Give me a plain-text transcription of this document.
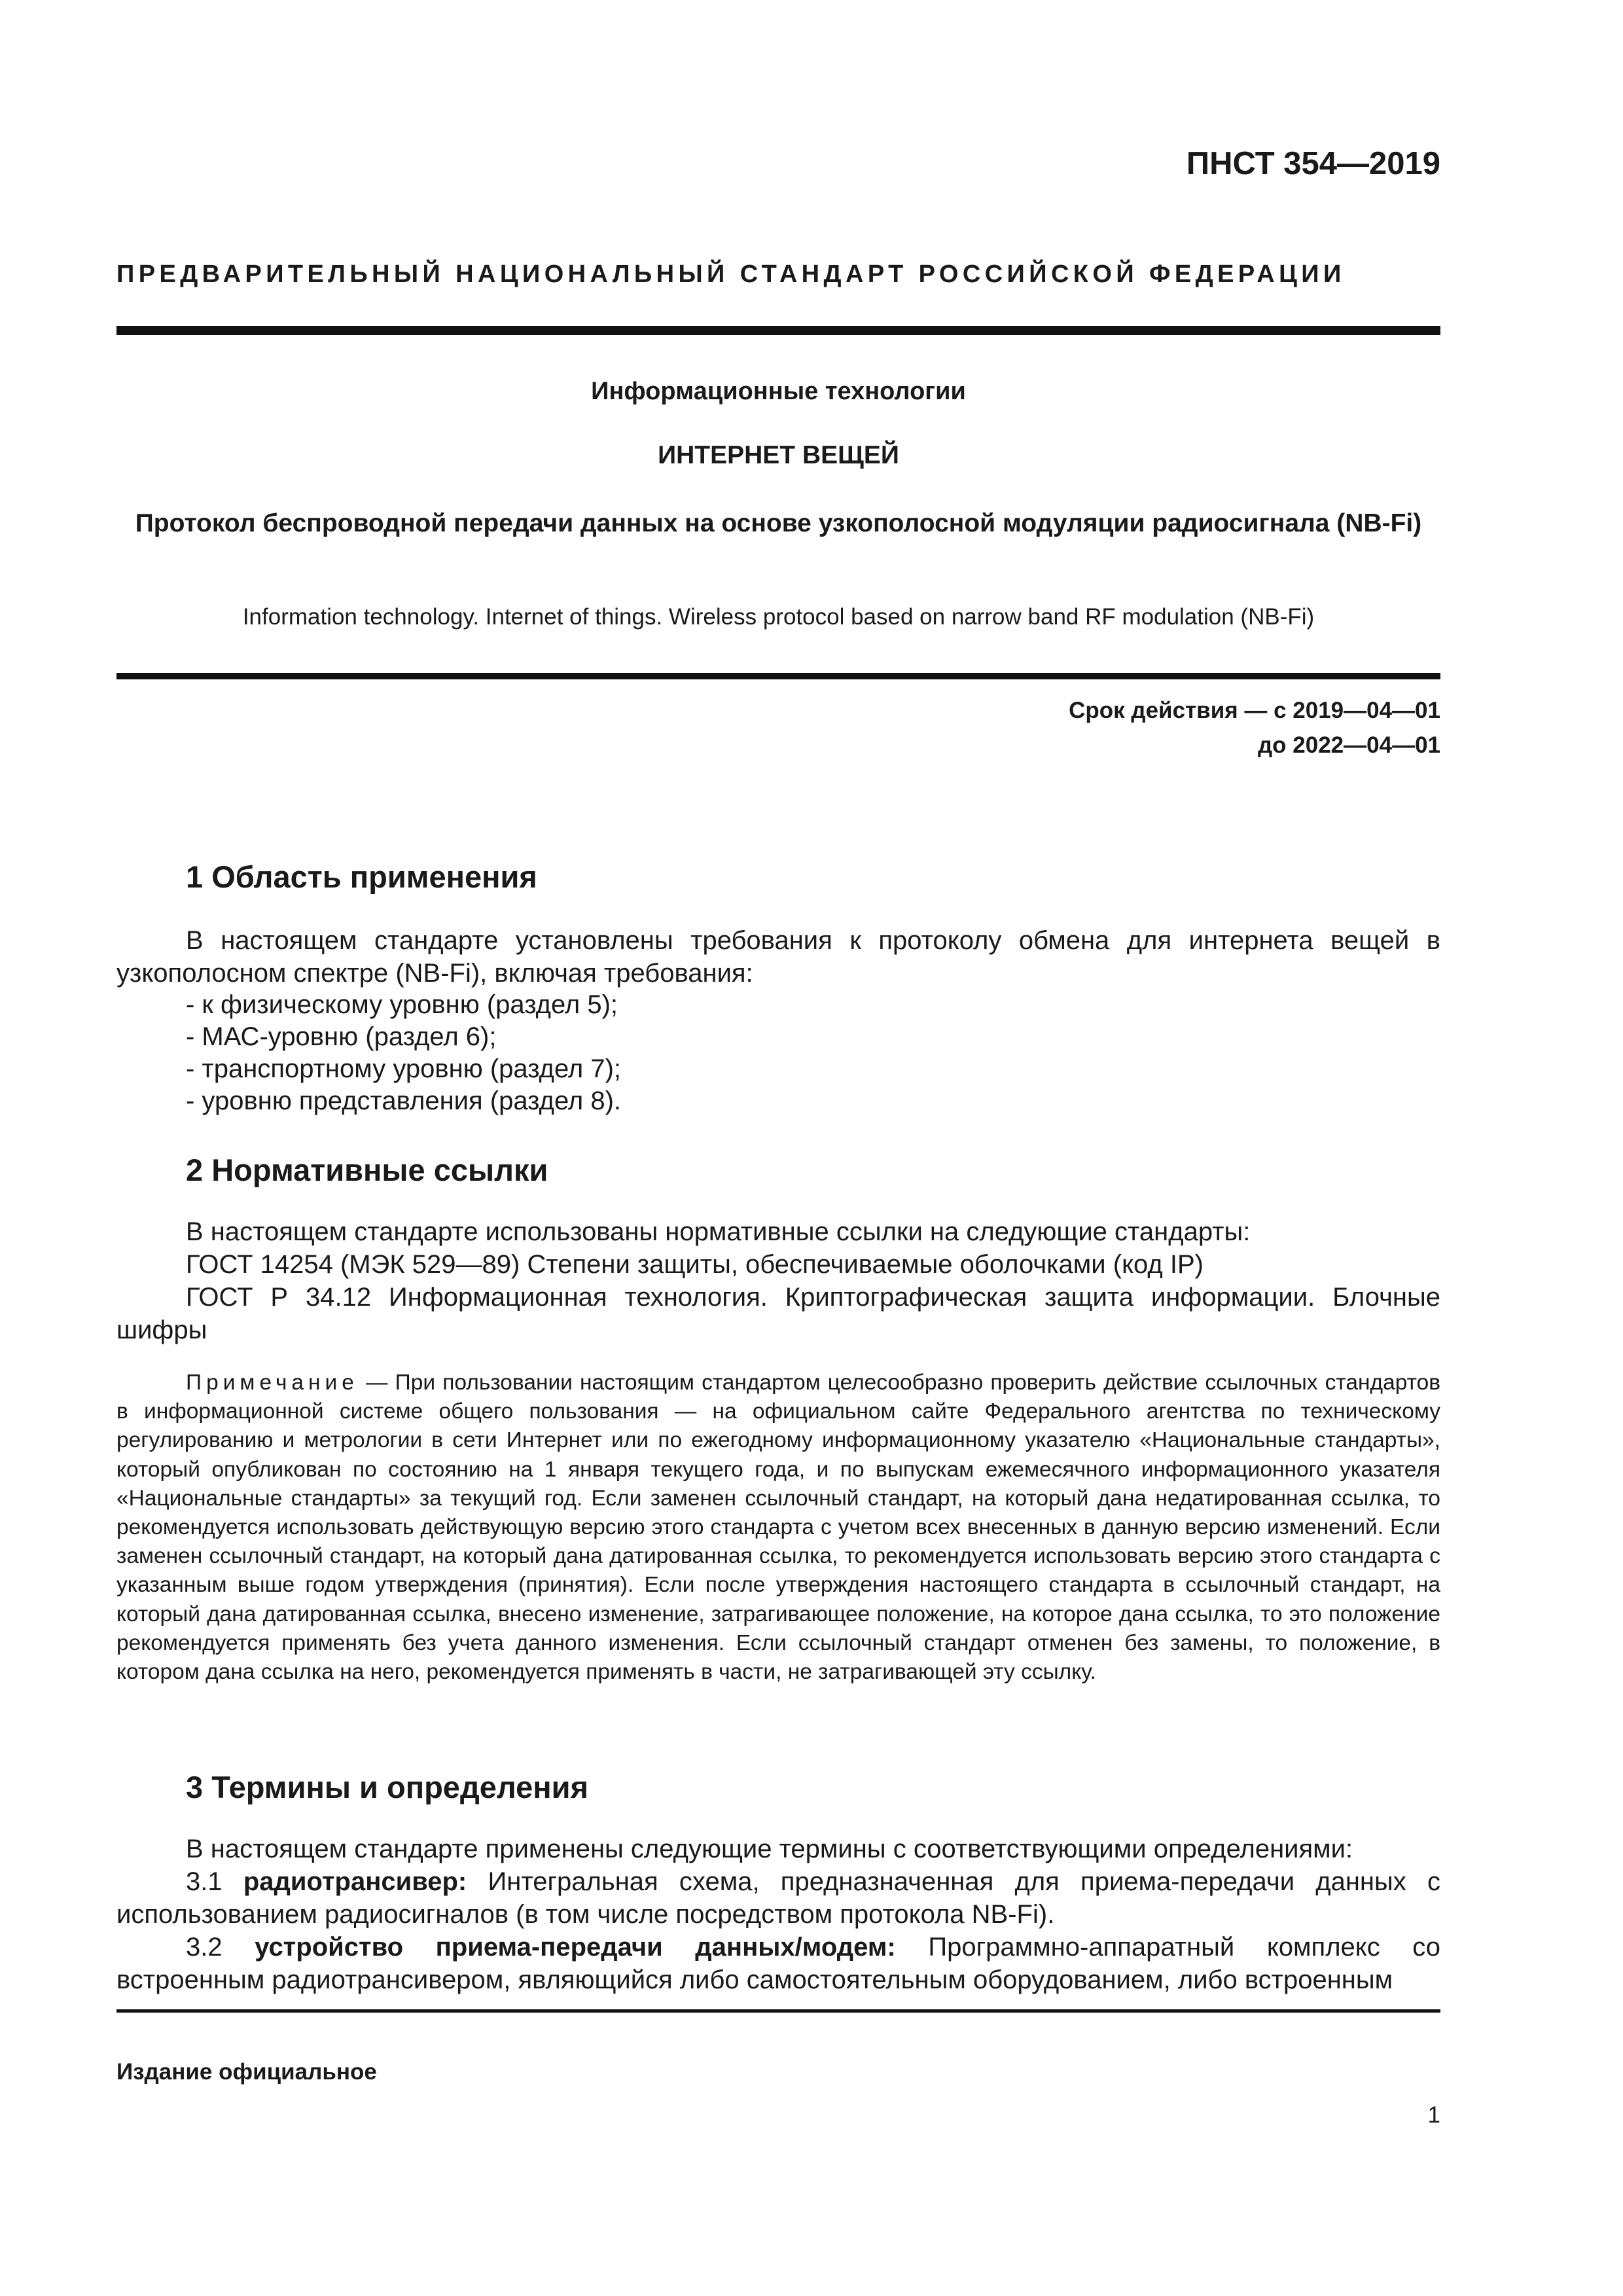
ПНСТ 354—2019
ПРЕДВАРИТЕЛЬНЫЙ НАЦИОНАЛЬНЫЙ СТАНДАРТ РОССИЙСКОЙ ФЕДЕРАЦИИ
Информационные технологии
ИНТЕРНЕТ ВЕЩЕЙ
Протокол беспроводной передачи данных на основе узкополосной модуляции радиосигнала (NB-Fi)
Information technology. Internet of things. Wireless protocol based on narrow band RF modulation (NB-Fi)
Срок действия — с 2019—04—01
до 2022—04—01
1 Область применения

В настоящем стандарте установлены требования к протоколу обмена для интернета вещей в узкополосном спектре (NB-Fi), включая требования:

- к физическому уровню (раздел 5);
- МАС-уровню (раздел 6);
- транспортному уровню (раздел 7);
- уровню представления (раздел 8).
2 Нормативные ссылки
В настоящем стандарте использованы нормативные ссылки на следующие стандарты:
ГОСТ 14254 (МЭК 529—89) Степени защиты, обеспечиваемые оболочками (код IP)

ГОСТ Р 34.12 Информационная технология. Криптографическая защита информации. Блочные шифры

Примечание — При пользовании настоящим стандартом целесообразно проверить действие ссылочных стандартов в информационной системе общего пользования — на официальном сайте Федерального агентства по техническому регулированию и метрологии в сети Интернет или по ежегодному информационному указателю «Национальные стандарты», который опубликован по состоянию на 1 января текущего года, и по выпускам ежемесячного информационного указателя «Национальные стандарты» за текущий год. Если заменен ссылочный стандарт, на который дана недатированная ссылка, то рекомендуется использовать действующую версию этого стандарта с учетом всех внесенных в данную версию изменений. Если заменен ссылочный стандарт, на который дана датированная ссылка, то рекомендуется использовать версию этого стандарта с указанным выше годом утверждения (принятия). Если после утверждения настоящего стандарта в ссылочный стандарт, на который дана датированная ссылка, внесено изменение, затрагивающее положение, на которое дана ссылка, то это положение рекомендуется применять без учета данного изменения. Если ссылочный стандарт отменен без замены, то положение, в котором дана ссылка на него, рекомендуется применять в части, не затрагивающей эту ссылку.
3 Термины и определения
В настоящем стандарте применены следующие термины с соответствующими определениями:

3.1 радиотрансивер: Интегральная схема, предназначенная для приема-передачи данных с использованием радиосигналов (в том числе посредством протокола NB-Fi).

3.2 устройство приема-передачи данных/модем: Программно-аппаратный комплекс со встроенным радиотрансивером, являющийся либо самостоятельным оборудованием, либо встроенным

Издание официальное
1
